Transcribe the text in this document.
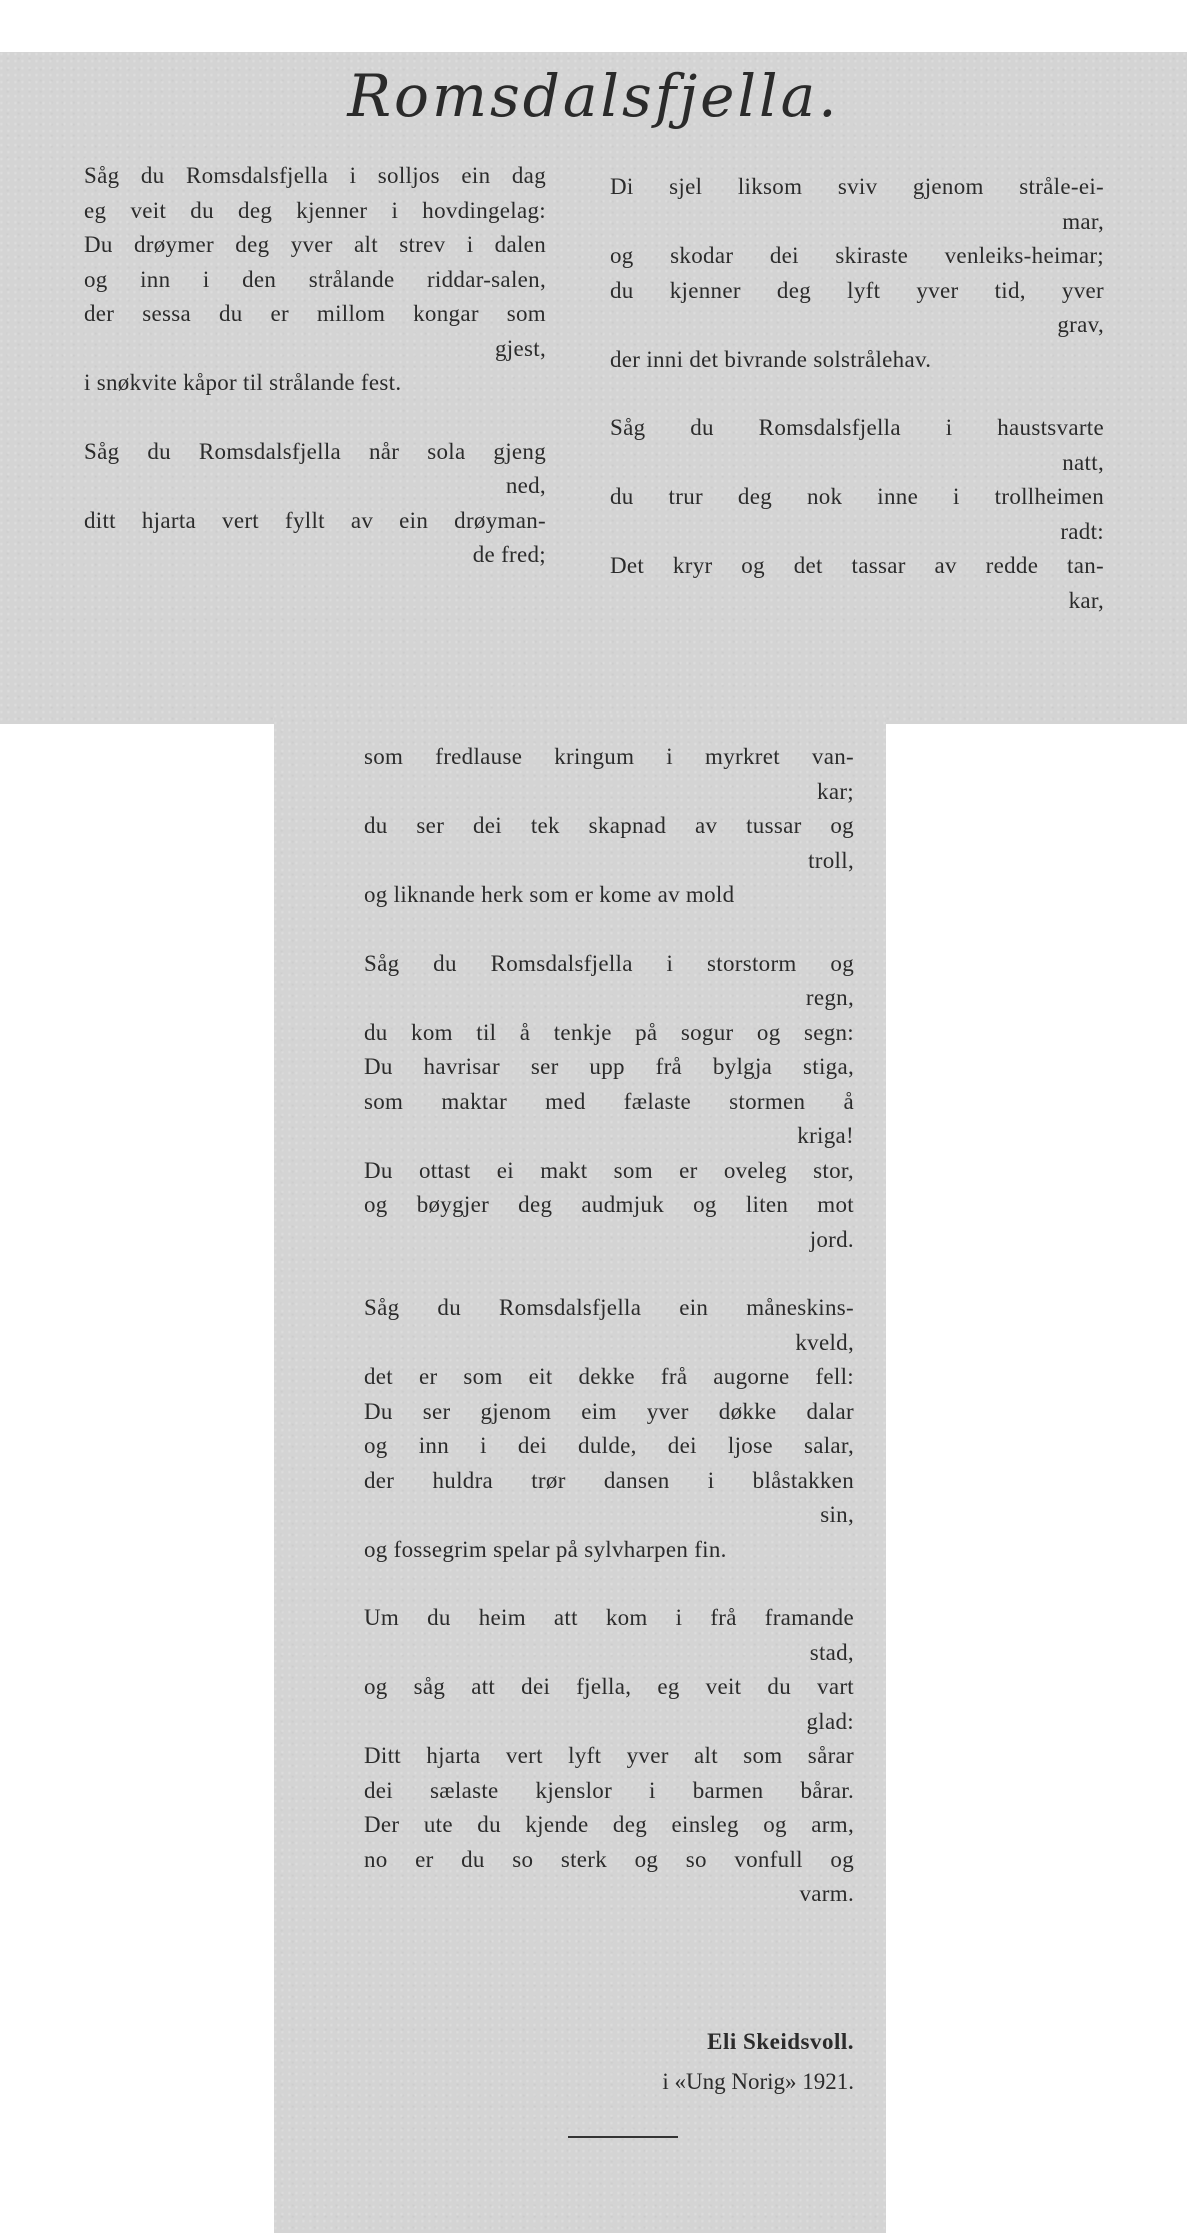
Romsdalsfjella.
Såg du Romsdalsfjella i solljos ein dag
eg veit du deg kjenner i hovdingelag:
Du drøymer deg yver alt strev i dalen
og inn i den strålande riddar-salen,
der sessa du er millom kongar som
gjest,
i snøkvite kåpor til strålande fest.
Såg du Romsdalsfjella når sola gjeng
ned,
ditt hjarta vert fyllt av ein drøyman-
de fred;
Di sjel liksom sviv gjenom stråle-ei-
mar,
og skodar dei skiraste venleiks-heimar;
du kjenner deg lyft yver tid, yver
grav,
der inni det bivrande solstrålehav.
Såg du Romsdalsfjella i haustsvarte
natt,
du trur deg nok inne i trollheimen
radt:
Det kryr og det tassar av redde tan-
kar,
som fredlause kringum i myrkret van-
kar;
du ser dei tek skapnad av tussar og
troll,
og liknande herk som er kome av mold
Såg du Romsdalsfjella i storstorm og
regn,
du kom til å tenkje på sogur og segn:
Du havrisar ser upp frå bylgja stiga,
som maktar med fælaste stormen å
kriga!
Du ottast ei makt som er oveleg stor,
og bøygjer deg audmjuk og liten mot
jord.
Såg du Romsdalsfjella ein måneskins-
kveld,
det er som eit dekke frå augorne fell:
Du ser gjenom eim yver døkke dalar
og inn i dei dulde, dei ljose salar,
der huldra trør dansen i blåstakken
sin,
og fossegrim spelar på sylvharpen fin.
Um du heim att kom i frå framande
stad,
og såg att dei fjella, eg veit du vart
glad:
Ditt hjarta vert lyft yver alt som sårar
dei sælaste kjenslor i barmen bårar.
Der ute du kjende deg einsleg og arm,
no er du so sterk og so vonfull og
varm.
Eli Skeidsvoll.
i «Ung Norig» 1921.
